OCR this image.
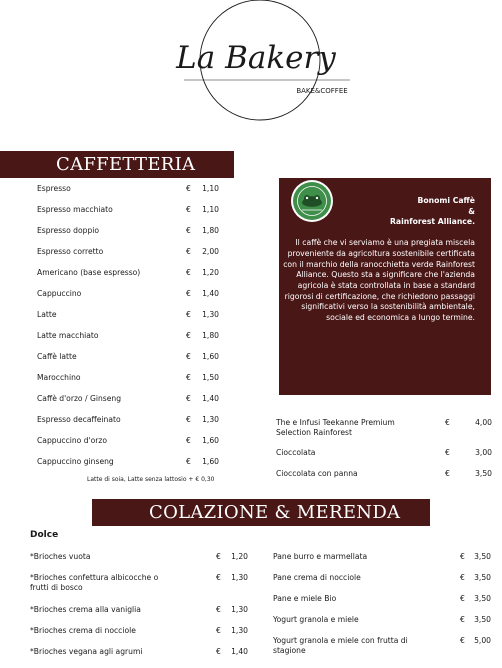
La Bakery
BAKE&COFFEE
CAFFETTERIA
Espresso	€	1,10
Espresso macchiato	€	1,10
Espresso doppio	€	1,80
Espresso corretto	€	2,00
Americano (base espresso)	€	1,20
Cappuccino	€	1,40
Latte	€	1,30
Latte macchiato	€	1,80
Caffè latte	€	1,60
Marocchino	€	1,50
Caffè d'orzo / Ginseng	€	1,40
Espresso decaffeinato	€	1,30
Cappuccino d'orzo	€	1,60
Cappuccino ginseng	€	1,60
Latte di soia, Latte senza lattosio + € 0,30
Bonomi Caffè
&
Rainforest Alliance.
Il caffè che vi serviamo è una pregiata miscela proveniente da agricoltura sostenibile certificata con il marchio della ranocchietta verde Rainforest Alliance. Questo sta a significare che l'azienda agricola è stata controllata in base a standard rigorosi di certificazione, che richiedono passaggi significativi verso la sostenibilità ambientale, sociale ed economica a lungo termine.
The e Infusi Teekanne Premium Selection Rainforest
€	4,00
Cioccolata	€	3,00
Cioccolata con panna	€	3,50
COLAZIONE & MERENDA
Dolce
*Brioches vuota	€	1,20
*Brioches confettura albicocche o frutti di bosco
€	1,30
*Brioches crema alla vaniglia	€	1,30
*Brioches crema di nocciole	€	1,30
*Brioches vegana agli agrumi	€	1,40
Pane burro e marmellata	€	3,50
Pane crema di nocciole	€	3,50
Pane e miele Bio	€	3,50
Yogurt granola e miele	€	3,50
Yogurt granola e miele con frutta di stagione
€	5,00
